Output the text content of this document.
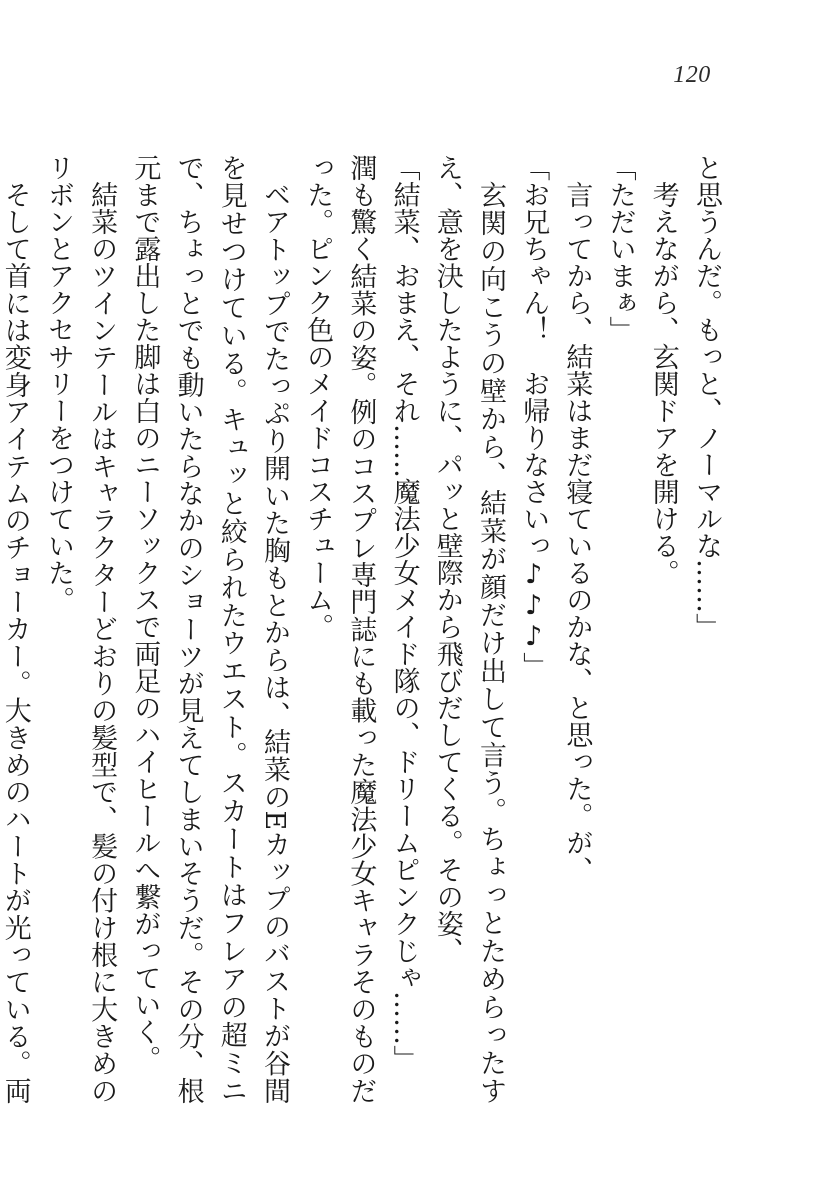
120

と思うんだ。もっと、ノーマルな……」

考えながら、玄関ドアを開ける。

「ただいまぁ」

言ってから、結菜はまだ寝ているのかな、と思った。が、

「お兄ちゃん！　お帰りなさいっ♪♪♪」

玄関の向こうの壁から、結菜が顔だけ出して言う。ちょっとためらったすえ、意を決したように、パッと壁際から飛びだしてくる。その姿、

「結菜、おまえ、それ……魔法少女メイド隊の、ドリームピンクじゃ……」

潤も驚く結菜の姿。例のコスプレ専門誌にも載った魔法少女キャラそのものだった。ピンク色のメイドコスチューム。

ベアトップでたっぷり開いた胸もとからは、結菜のEカップのバストが谷間を見せつけている。キュッと絞られたウエスト。スカートはフレアの超ミニで、ちょっとでも動いたらなかのショーツが見えてしまいそうだ。その分、根元まで露出した脚は白のニーソックスで両足のハイヒールへ繋がっていく。

結菜のツインテールはキャラクターどおりの髪型で、髪の付け根に大きめのリボンとアクセサリーをつけていた。

そして首には変身アイテムのチョーカー。大きめのハートが光っている。両
